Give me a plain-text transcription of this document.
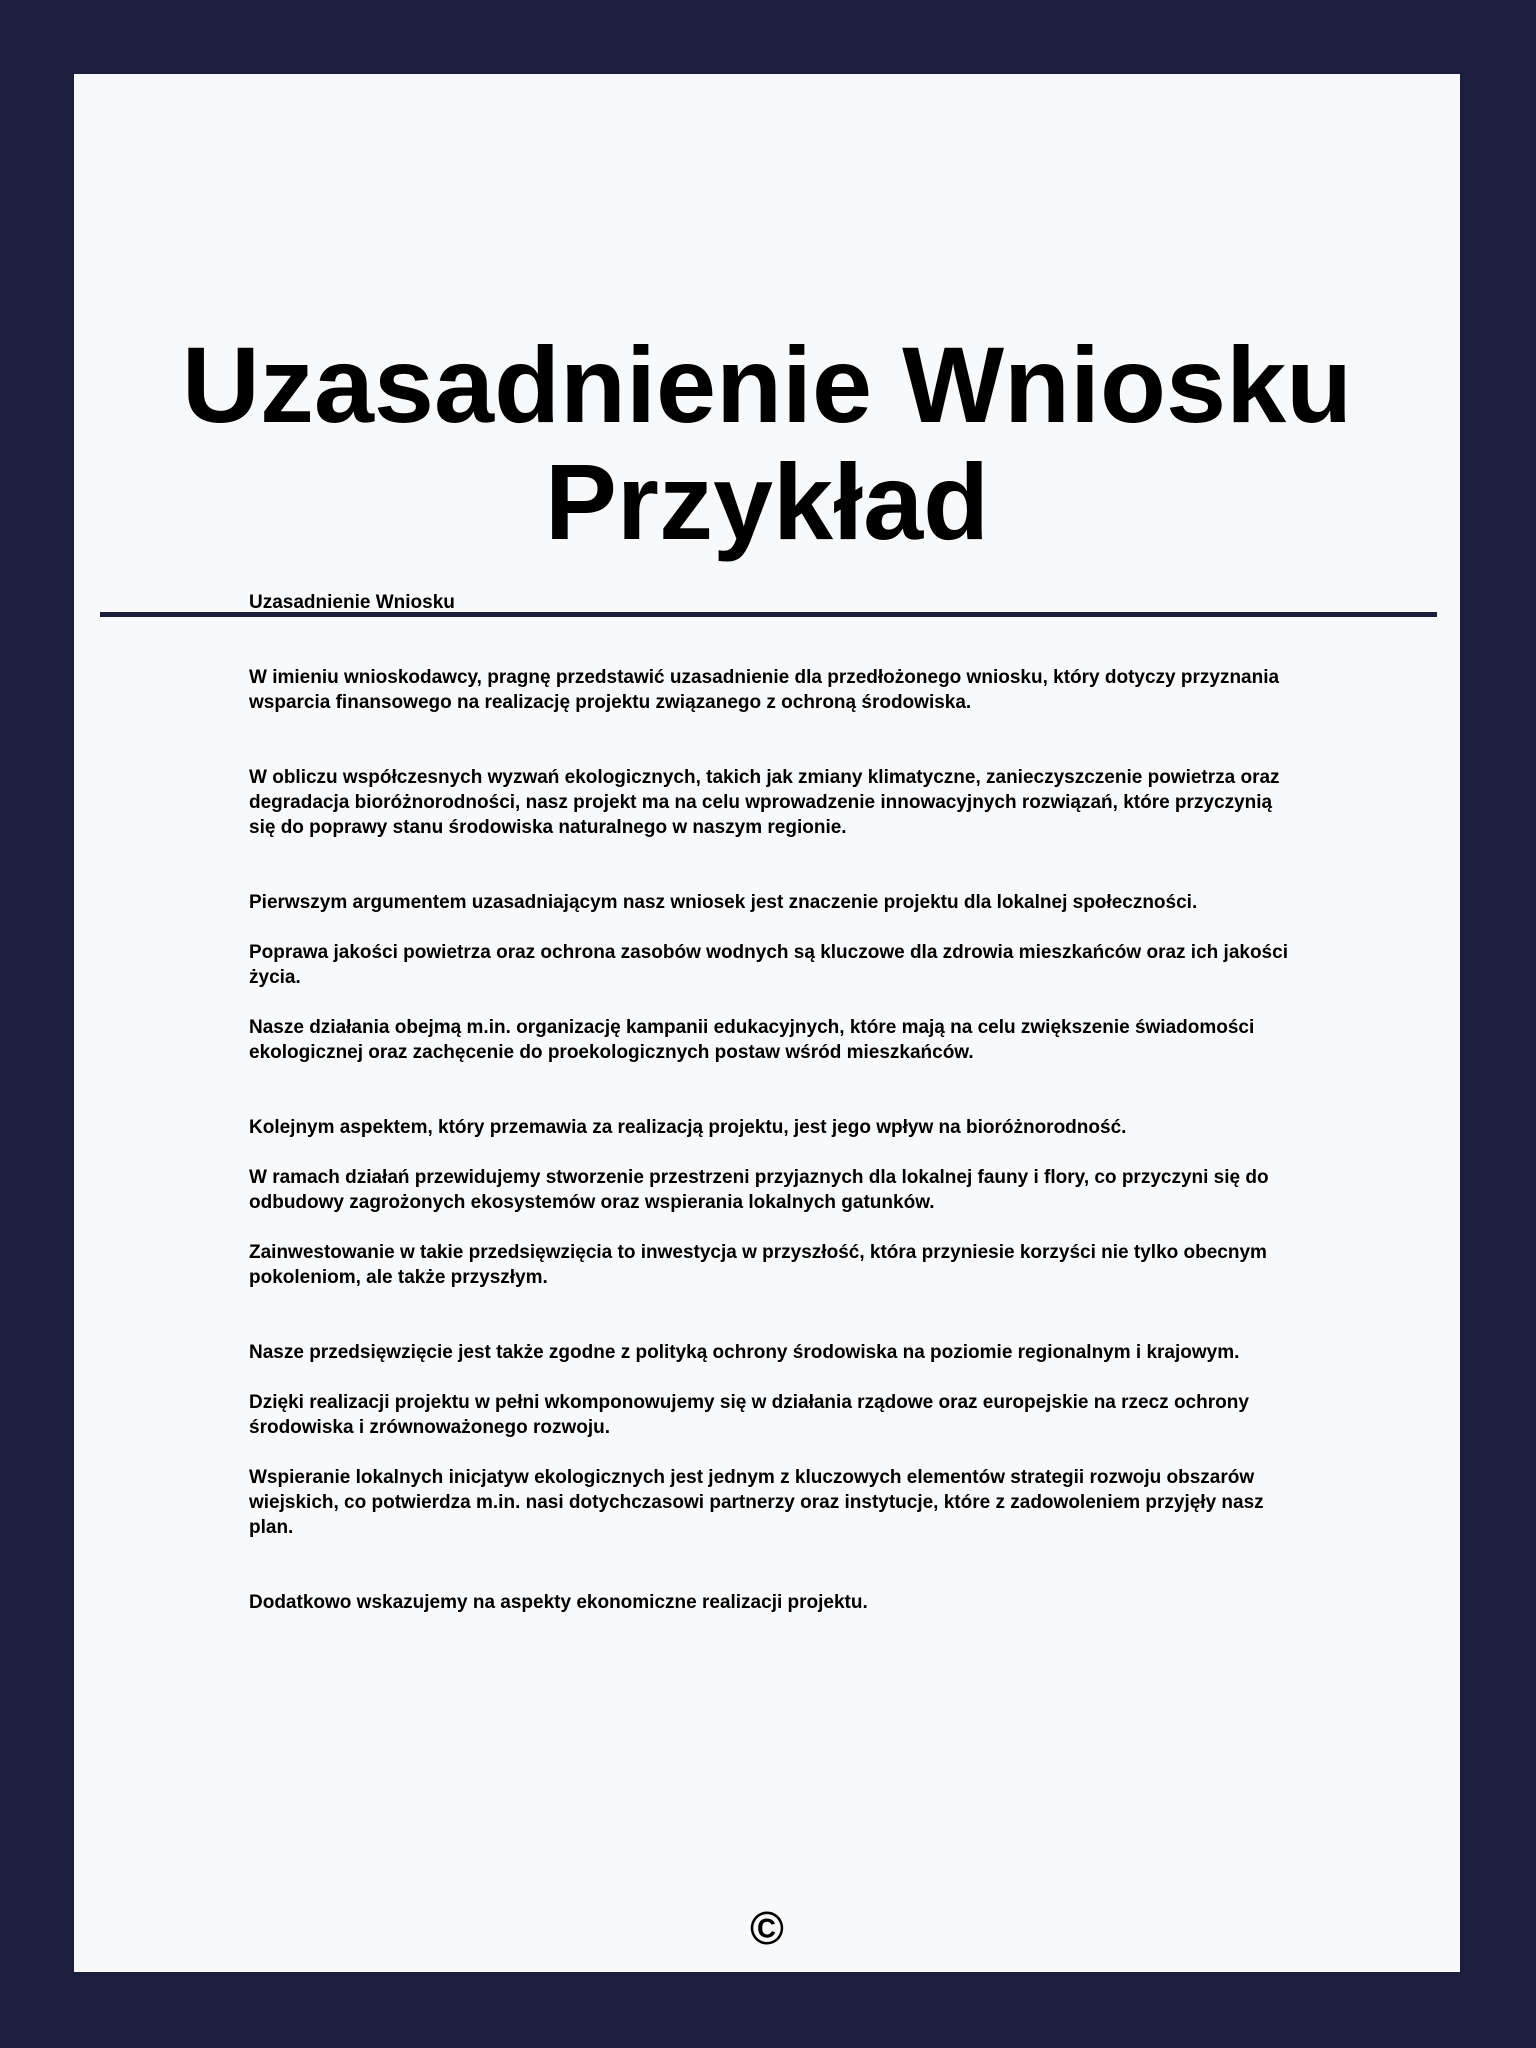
Uzasadnienie Wniosku
Przykład

Uzasadnienie Wniosku

W imieniu wnioskodawcy, pragnę przedstawić uzasadnienie dla przedłożonego wniosku, który dotyczy przyznania wsparcia finansowego na realizację projektu związanego z ochroną środowiska.

W obliczu współczesnych wyzwań ekologicznych, takich jak zmiany klimatyczne, zanieczyszczenie powietrza oraz degradacja bioróżnorodności, nasz projekt ma na celu wprowadzenie innowacyjnych rozwiązań, które przyczynią się do poprawy stanu środowiska naturalnego w naszym regionie.

Pierwszym argumentem uzasadniającym nasz wniosek jest znaczenie projektu dla lokalnej społeczności.

Poprawa jakości powietrza oraz ochrona zasobów wodnych są kluczowe dla zdrowia mieszkańców oraz ich jakości życia.

Nasze działania obejmą m.in. organizację kampanii edukacyjnych, które mają na celu zwiększenie świadomości ekologicznej oraz zachęcenie do proekologicznych postaw wśród mieszkańców.

Kolejnym aspektem, który przemawia za realizacją projektu, jest jego wpływ na bioróżnorodność.

W ramach działań przewidujemy stworzenie przestrzeni przyjaznych dla lokalnej fauny i flory, co przyczyni się do odbudowy zagrożonych ekosystemów oraz wspierania lokalnych gatunków.

Zainwestowanie w takie przedsięwzięcia to inwestycja w przyszłość, która przyniesie korzyści nie tylko obecnym pokoleniom, ale także przyszłym.

Nasze przedsięwzięcie jest także zgodne z polityką ochrony środowiska na poziomie regionalnym i krajowym.

Dzięki realizacji projektu w pełni wkomponowujemy się w działania rządowe oraz europejskie na rzecz ochrony środowiska i zrównoważonego rozwoju.

Wspieranie lokalnych inicjatyw ekologicznych jest jednym z kluczowych elementów strategii rozwoju obszarów wiejskich, co potwierdza m.in. nasi dotychczasowi partnerzy oraz instytucje, które z zadowoleniem przyjęły nasz plan.

Dodatkowo wskazujemy na aspekty ekonomiczne realizacji projektu.

©
